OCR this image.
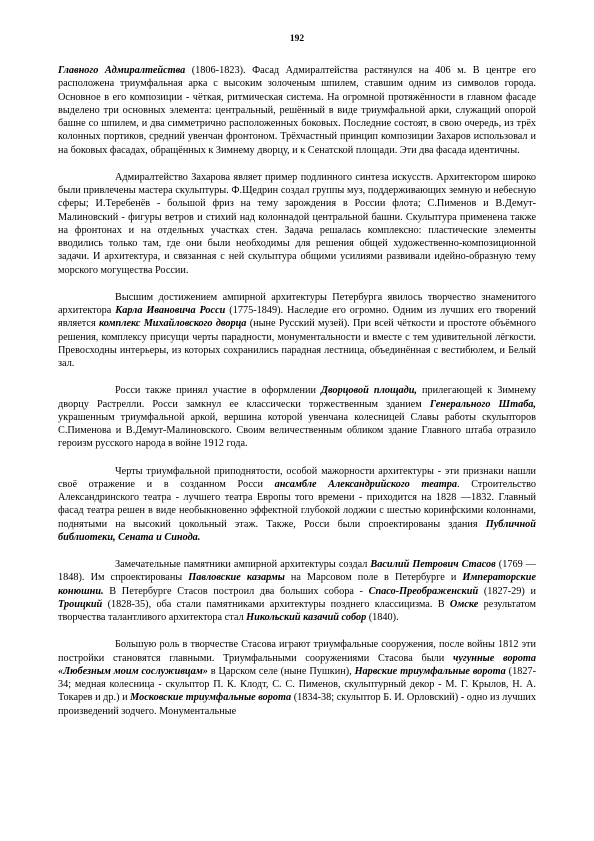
192

Главного Адмиралтейства (1806-1823). Фасад Адмиралтейства растянулся на 406 м. В центре его расположена триумфальная арка с высоким золоченым шпилем, ставшим одним из символов города. Основное в его композиции - чёткая, ритмическая система. На огромной протяжённости в главном фасаде выделено три основных элемента: центральный, решённый в виде триумфальной арки, служащий опорой башне со шпилем, и два симметрично расположенных боковых. Последние состоят, в свою очередь, из трёх колонных портиков, средний увенчан фронтоном. Трёхчастный принцип композиции Захаров использовал и на боковых фасадах, обращённых к Зимнему дворцу, и к Сенатской площади. Эти два фасада идентичны.

Адмиралтейство Захарова являет пример подлинного синтеза искусств. Архитектором широко были привлечены мастера скульптуры. Ф.Щедрин создал группы муз, поддерживающих земную и небесную сферы; И.Теребенёв - большой фриз на тему зарождения в России флота; С.Пименов и В.Демут-Малиновский - фигуры ветров и стихий над колоннадой центральной башни. Скульптура применена также на фронтонах и на отдельных участках стен. Задача решалась комплексно: пластические элементы вводились только там, где они были необходимы для решения общей художественно-композиционной задачи. И архитектура, и связанная с ней скульптура общими усилиями развивали идейно-образную тему морского могущества России.

Высшим достижением ампирной архитектуры Петербурга явилось творчество знаменитого архитектора Карла Ивановича Росси (1775-1849). Наследие его огромно. Одним из лучших его творений является комплекс Михайловского дворца (ныне Русский музей). При всей чёткости и простоте объёмного решения, комплексу присущи черты парадности, монументальности и вместе с тем удивительной лёгкости. Превосходны интерьеры, из которых сохранились парадная лестница, объединённая с вестибюлем, и Белый зал.

Росси также принял участие в оформлении Дворцовой площади, прилегающей к Зимнему дворцу Растрелли. Росси замкнул ее классически торжественным зданием Генерального Штаба, украшенным триумфальной аркой, вершина которой увенчана колесницей Славы работы скульпторов С.Пименова и В.Демут-Малиновского. Своим величественным обликом здание Главного штаба отразило героизм русского народа в войне 1912 года.

Черты триумфальной приподнятости, особой мажорности архитектуры - эти признаки нашли своё отражение и в созданном Росси ансамбле Александрийского театра. Строительство Александринского театра - лучшего театра Европы того времени - приходится на 1828 —1832. Главный фасад театра решен в виде необыкновенно эффектной глубокой лоджии с шестью коринфскими колоннами, поднятыми на высокий цокольный этаж. Также, Росси были спроектированы здания Публичной библиотеки, Сената и Синода.

Замечательные памятники ампирной архитектуры создал Василий Петрович Стасов (1769 — 1848). Им спроектированы Павловские казармы на Марсовом поле в Петербурге и Императорские конюшни. В Петербурге Стасов построил два больших собора - Спасо-Преображенский (1827-29) и Троицкий (1828-35), оба стали памятниками архитектуры позднего классицизма. В Омске результатом творчества талантливого архитектора стал Никольский казачий собор (1840).

Большую роль в творчестве Стасова играют триумфальные сооружения, после войны 1812 эти постройки становятся главными. Триумфальными сооружениями Стасова были чугунные ворота «Любезным моим сослуживцам» в Царском селе (ныне Пушкин), Нарвские триумфальные ворота (1827-34; медная колесница - скульптор П. К. Клодт, С. С. Пименов, скульптурный декор - М. Г. Крылов, Н. А. Токарев и др.) и Московские триумфальные ворота (1834-38; скульптор Б. И. Орловский) - одно из лучших произведений зодчего. Монументальные
